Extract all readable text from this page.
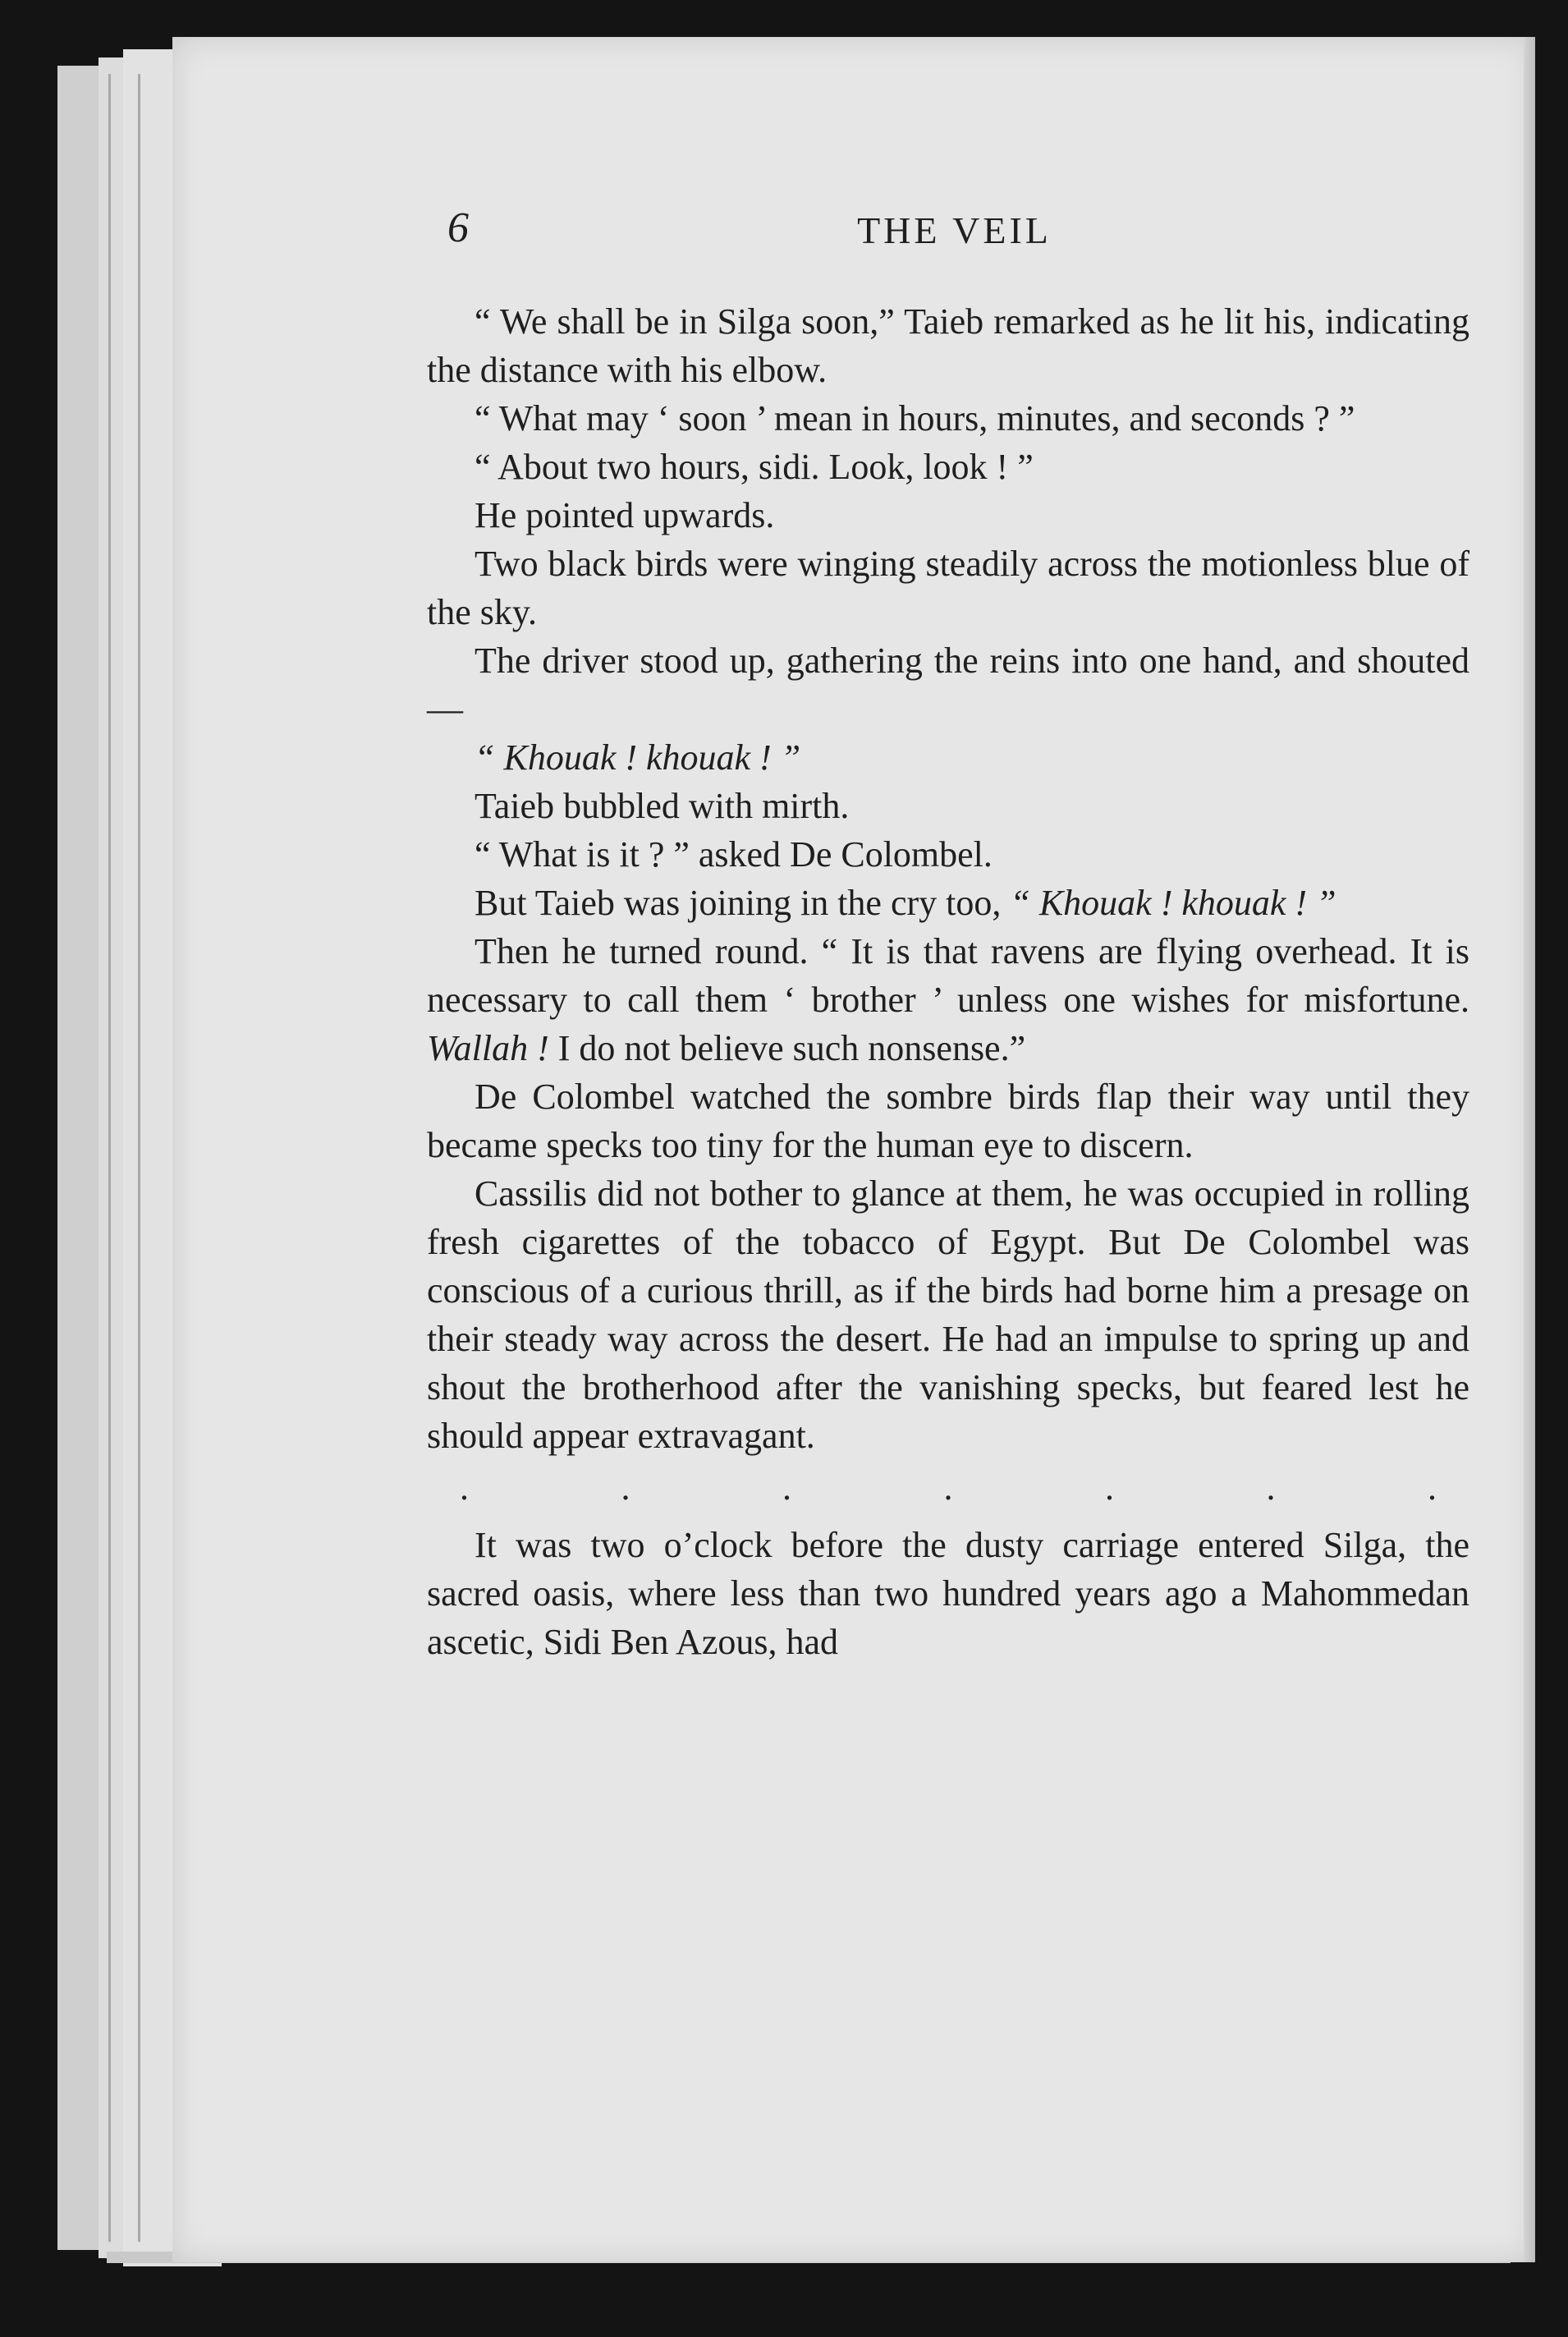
6	THE VEIL

“ We shall be in Silga soon,” Taieb remarked as he lit his, indicating the distance with his elbow.

“ What may ‘ soon ’ mean in hours, minutes, and seconds ? ”

“ About two hours, sidi. Look, look ! ”

He pointed upwards.

Two black birds were winging steadily across the motionless blue of the sky.

The driver stood up, gathering the reins into one hand, and shouted—

“ Khouak ! khouak ! ”

Taieb bubbled with mirth.

“ What is it ? ” asked De Colombel.

But Taieb was joining in the cry too, “ Khouak ! khouak ! ”

Then he turned round. “ It is that ravens are flying overhead. It is necessary to call them ‘ brother ’ unless one wishes for misfortune. Wallah ! I do not believe such nonsense.”

De Colombel watched the sombre birds flap their way until they became specks too tiny for the human eye to discern.

Cassilis did not bother to glance at them, he was occupied in rolling fresh cigarettes of the tobacco of Egypt. But De Colombel was conscious of a curious thrill, as if the birds had borne him a presage on their steady way across the desert. He had an impulse to spring up and shout the brotherhood after the vanishing specks, but feared lest he should appear extravagant.

.	.	.	.	.	.	.

It was two o’clock before the dusty carriage entered Silga, the sacred oasis, where less than two hundred years ago a Mahommedan ascetic, Sidi Ben Azous, had
